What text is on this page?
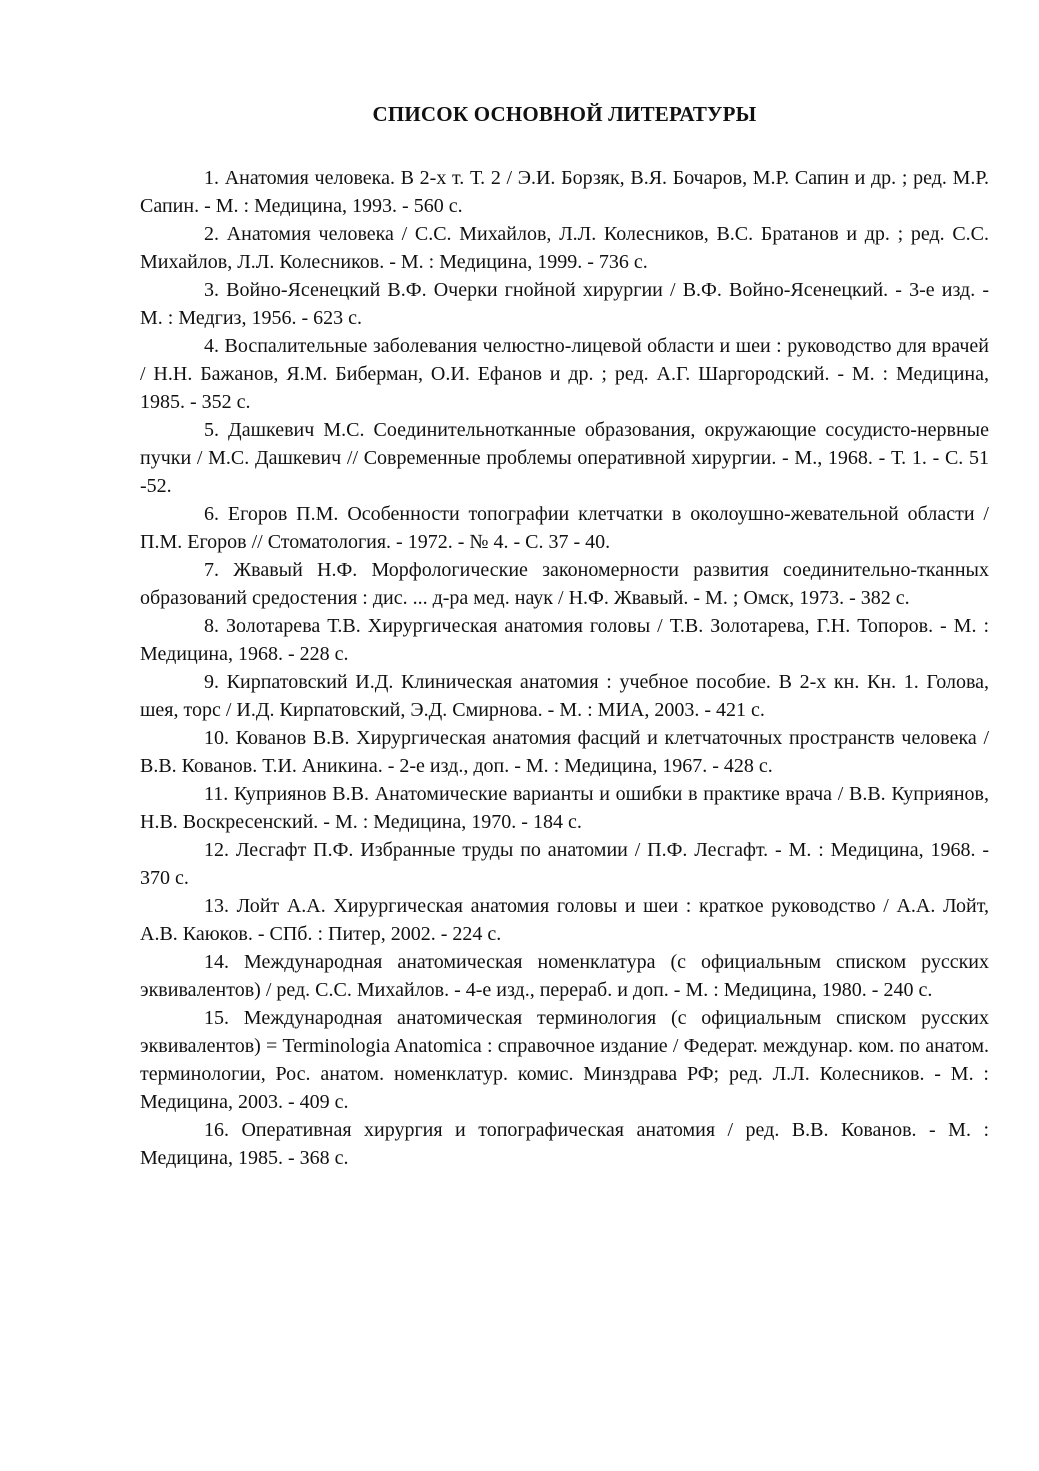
СПИСОК ОСНОВНОЙ ЛИТЕРАТУРЫ

1. Анатомия человека. В 2-х т. Т. 2 / Э.И. Борзяк, В.Я. Бочаров, М.Р. Сапин и др. ; ред. М.Р. Сапин. - М. : Медицина, 1993. - 560 с.

2. Анатомия человека / С.С. Михайлов, Л.Л. Колесников, В.С. Братанов и др. ; ред. С.С. Михайлов, Л.Л. Колесников. - М. : Медицина, 1999. - 736 с.

3. Войно-Ясенецкий В.Ф. Очерки гнойной хирургии / В.Ф. Войно-Ясенецкий. - 3-е изд. - М. : Медгиз, 1956. - 623 с.

4. Воспалительные заболевания челюстно-лицевой области и шеи : руководство для врачей / Н.Н. Бажанов, Я.М. Биберман, О.И. Ефанов и др. ; ред. А.Г. Шаргородский. - М. : Медицина, 1985. - 352 с.

5. Дашкевич М.С. Соединительнотканные образования, окружающие сосудисто-нервные пучки / М.С. Дашкевич // Современные проблемы оперативной хирургии. - М., 1968. - Т. 1. - С. 51 -52.

6. Егоров П.М. Особенности топографии клетчатки в околоушно-жевательной области / П.М. Егоров // Стоматология. - 1972. - № 4. - С. 37 - 40.

7. Жвавый Н.Ф. Морфологические закономерности развития соединительно-тканных образований средостения : дис. ... д-ра мед. наук / Н.Ф. Жвавый. - М. ; Омск, 1973. - 382 с.

8. Золотарева Т.В. Хирургическая анатомия головы / Т.В. Золотарева, Г.Н. Топоров. - М. : Медицина, 1968. - 228 с.

9. Кирпатовский И.Д. Клиническая анатомия : учебное пособие. В 2-х кн. Кн. 1. Голова, шея, торс / И.Д. Кирпатовский, Э.Д. Смирнова. - М. : МИА, 2003. - 421 с.

10. Кованов В.В. Хирургическая анатомия фасций и клетчаточных пространств человека / В.В. Кованов. Т.И. Аникина. - 2-е изд., доп. - М. : Медицина, 1967. - 428 с.

11. Куприянов В.В. Анатомические варианты и ошибки в практике врача / В.В. Куприянов, Н.В. Воскресенский. - М. : Медицина, 1970. - 184 с.

12. Лесгафт П.Ф. Избранные труды по анатомии / П.Ф. Лесгафт. - М. : Медицина, 1968. - 370 с.

13. Лойт А.А. Хирургическая анатомия головы и шеи : краткое руководство / А.А. Лойт, А.В. Каюков. - СПб. : Питер, 2002. - 224 с.

14. Международная анатомическая номенклатура (с официальным списком русских эквивалентов) / ред. С.С. Михайлов. - 4-е изд., перераб. и доп. - М. : Медицина, 1980. - 240 с.

15. Международная анатомическая терминология (с официальным списком русских эквивалентов) = Terminologia Anatomica : справочное издание / Федерат. междунар. ком. по анатом. терминологии, Рос. анатом. номенклатур. комис. Минздрава РФ; ред. Л.Л. Колесников. - М. : Медицина, 2003. - 409 с.

16. Оперативная хирургия и топографическая анатомия / ред. В.В. Кованов. - М. : Медицина, 1985. - 368 с.
